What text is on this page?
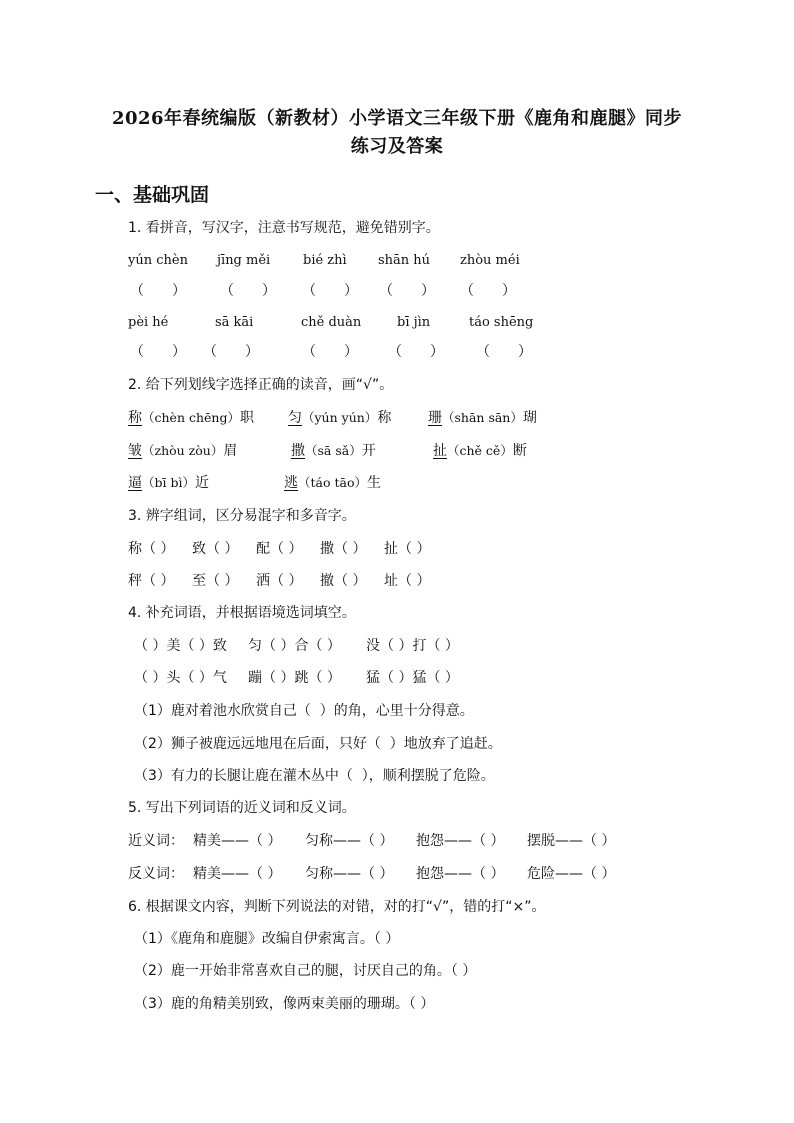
2026年春统编版（新教材）小学语文三年级下册《鹿角和鹿腿》同步
练习及答案
一、基础巩固
1. 看拼音，写汉字，注意书写规范，避免错别字。
yún chèn jīng měi	bié zhì shān hú zhòu méi
（　　） （　　） （　　） （　　） （　　）
pèi hé	sā kāi	chě duàn	bī jìn	táo shēng
（　　） （　　）	（　　） （　　） （　　）
2. 给下列划线字选择正确的读音，画“√”。
称（chèn chēng）职 匀（yún yún）称	珊（shān sān）瑚
皱（zhòu zòu）眉	撒（sā sǎ）开	扯（chě cě）断
逼（bī bì）近	逃（táo tāo）生
3. 辨字组词，区分易混字和多音字。
称（ ） 致（ ） 配（ ） 撒（ ） 扯（ ）
秤（ ） 至（ ） 洒（ ） 撤（ ） 址（ ）
4. 补充词语，并根据语境选词填空。
（ ）美（ ）致 匀（ ）合（ ） 没（ ）打（ ）
（ ）头（ ）气 蹦（ ）跳（ ） 猛（ ）猛（ ）
（1）鹿对着池水欣赏自己（  ）的角，心里十分得意。
（2）狮子被鹿远远地甩在后面，只好（  ）地放弃了追赶。
（3）有力的长腿让鹿在灌木丛中（  ），顺利摆脱了危险。
5. 写出下列词语的近义词和反义词。
近义词： 精美——（ ） 匀称——（ ） 抱怨——（ ） 摆脱——（ ）
反义词： 精美——（ ） 匀称——（ ） 抱怨——（ ） 危险——（ ）
6. 根据课文内容，判断下列说法的对错，对的打“√”，错的打“×”。
（1）《鹿角和鹿腿》改编自伊索寓言。（ ）
（2）鹿一开始非常喜欢自己的腿，讨厌自己的角。（ ）
（3）鹿的角精美别致，像两束美丽的珊瑚。（ ）
